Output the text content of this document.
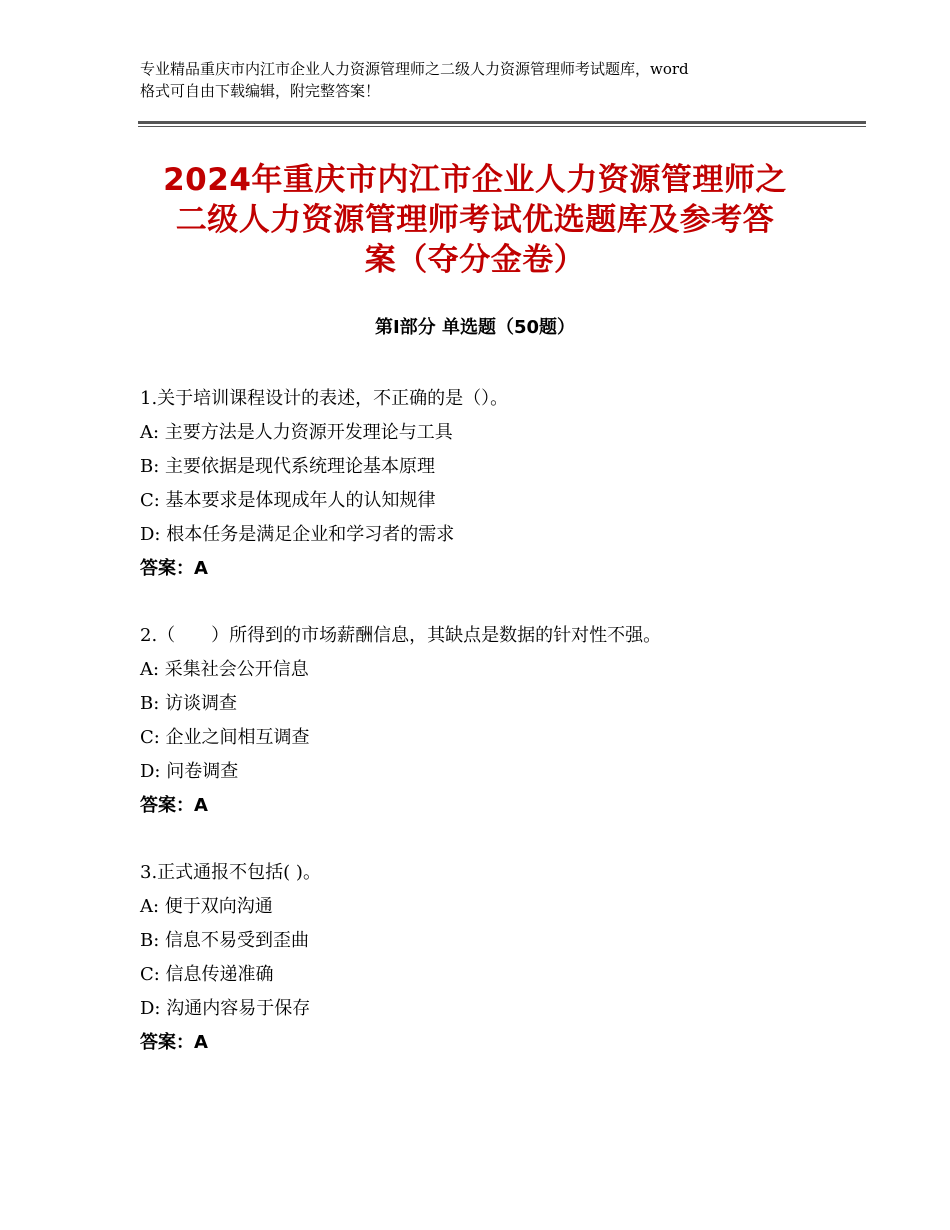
专业精品重庆市内江市企业人力资源管理师之二级人力资源管理师考试题库，word
格式可自由下载编辑，附完整答案！
2024年重庆市内江市企业人力资源管理师之
二级人力资源管理师考试优选题库及参考答
案（夺分金卷）
第Ⅰ部分 单选题（50题）
1.关于培训课程设计的表述，不正确的是（）。
A: 主要方法是人力资源开发理论与工具
B: 主要依据是现代系统理论基本原理
C: 基本要求是体现成年人的认知规律
D: 根本任务是满足企业和学习者的需求
答案：A
2.（　　）所得到的市场薪酬信息，其缺点是数据的针对性不强。
A: 采集社会公开信息
B: 访谈调查
C: 企业之间相互调查
D: 问卷调查
答案：A
3.正式通报不包括( )。
A: 便于双向沟通
B: 信息不易受到歪曲
C: 信息传递准确
D: 沟通内容易于保存
答案：A
